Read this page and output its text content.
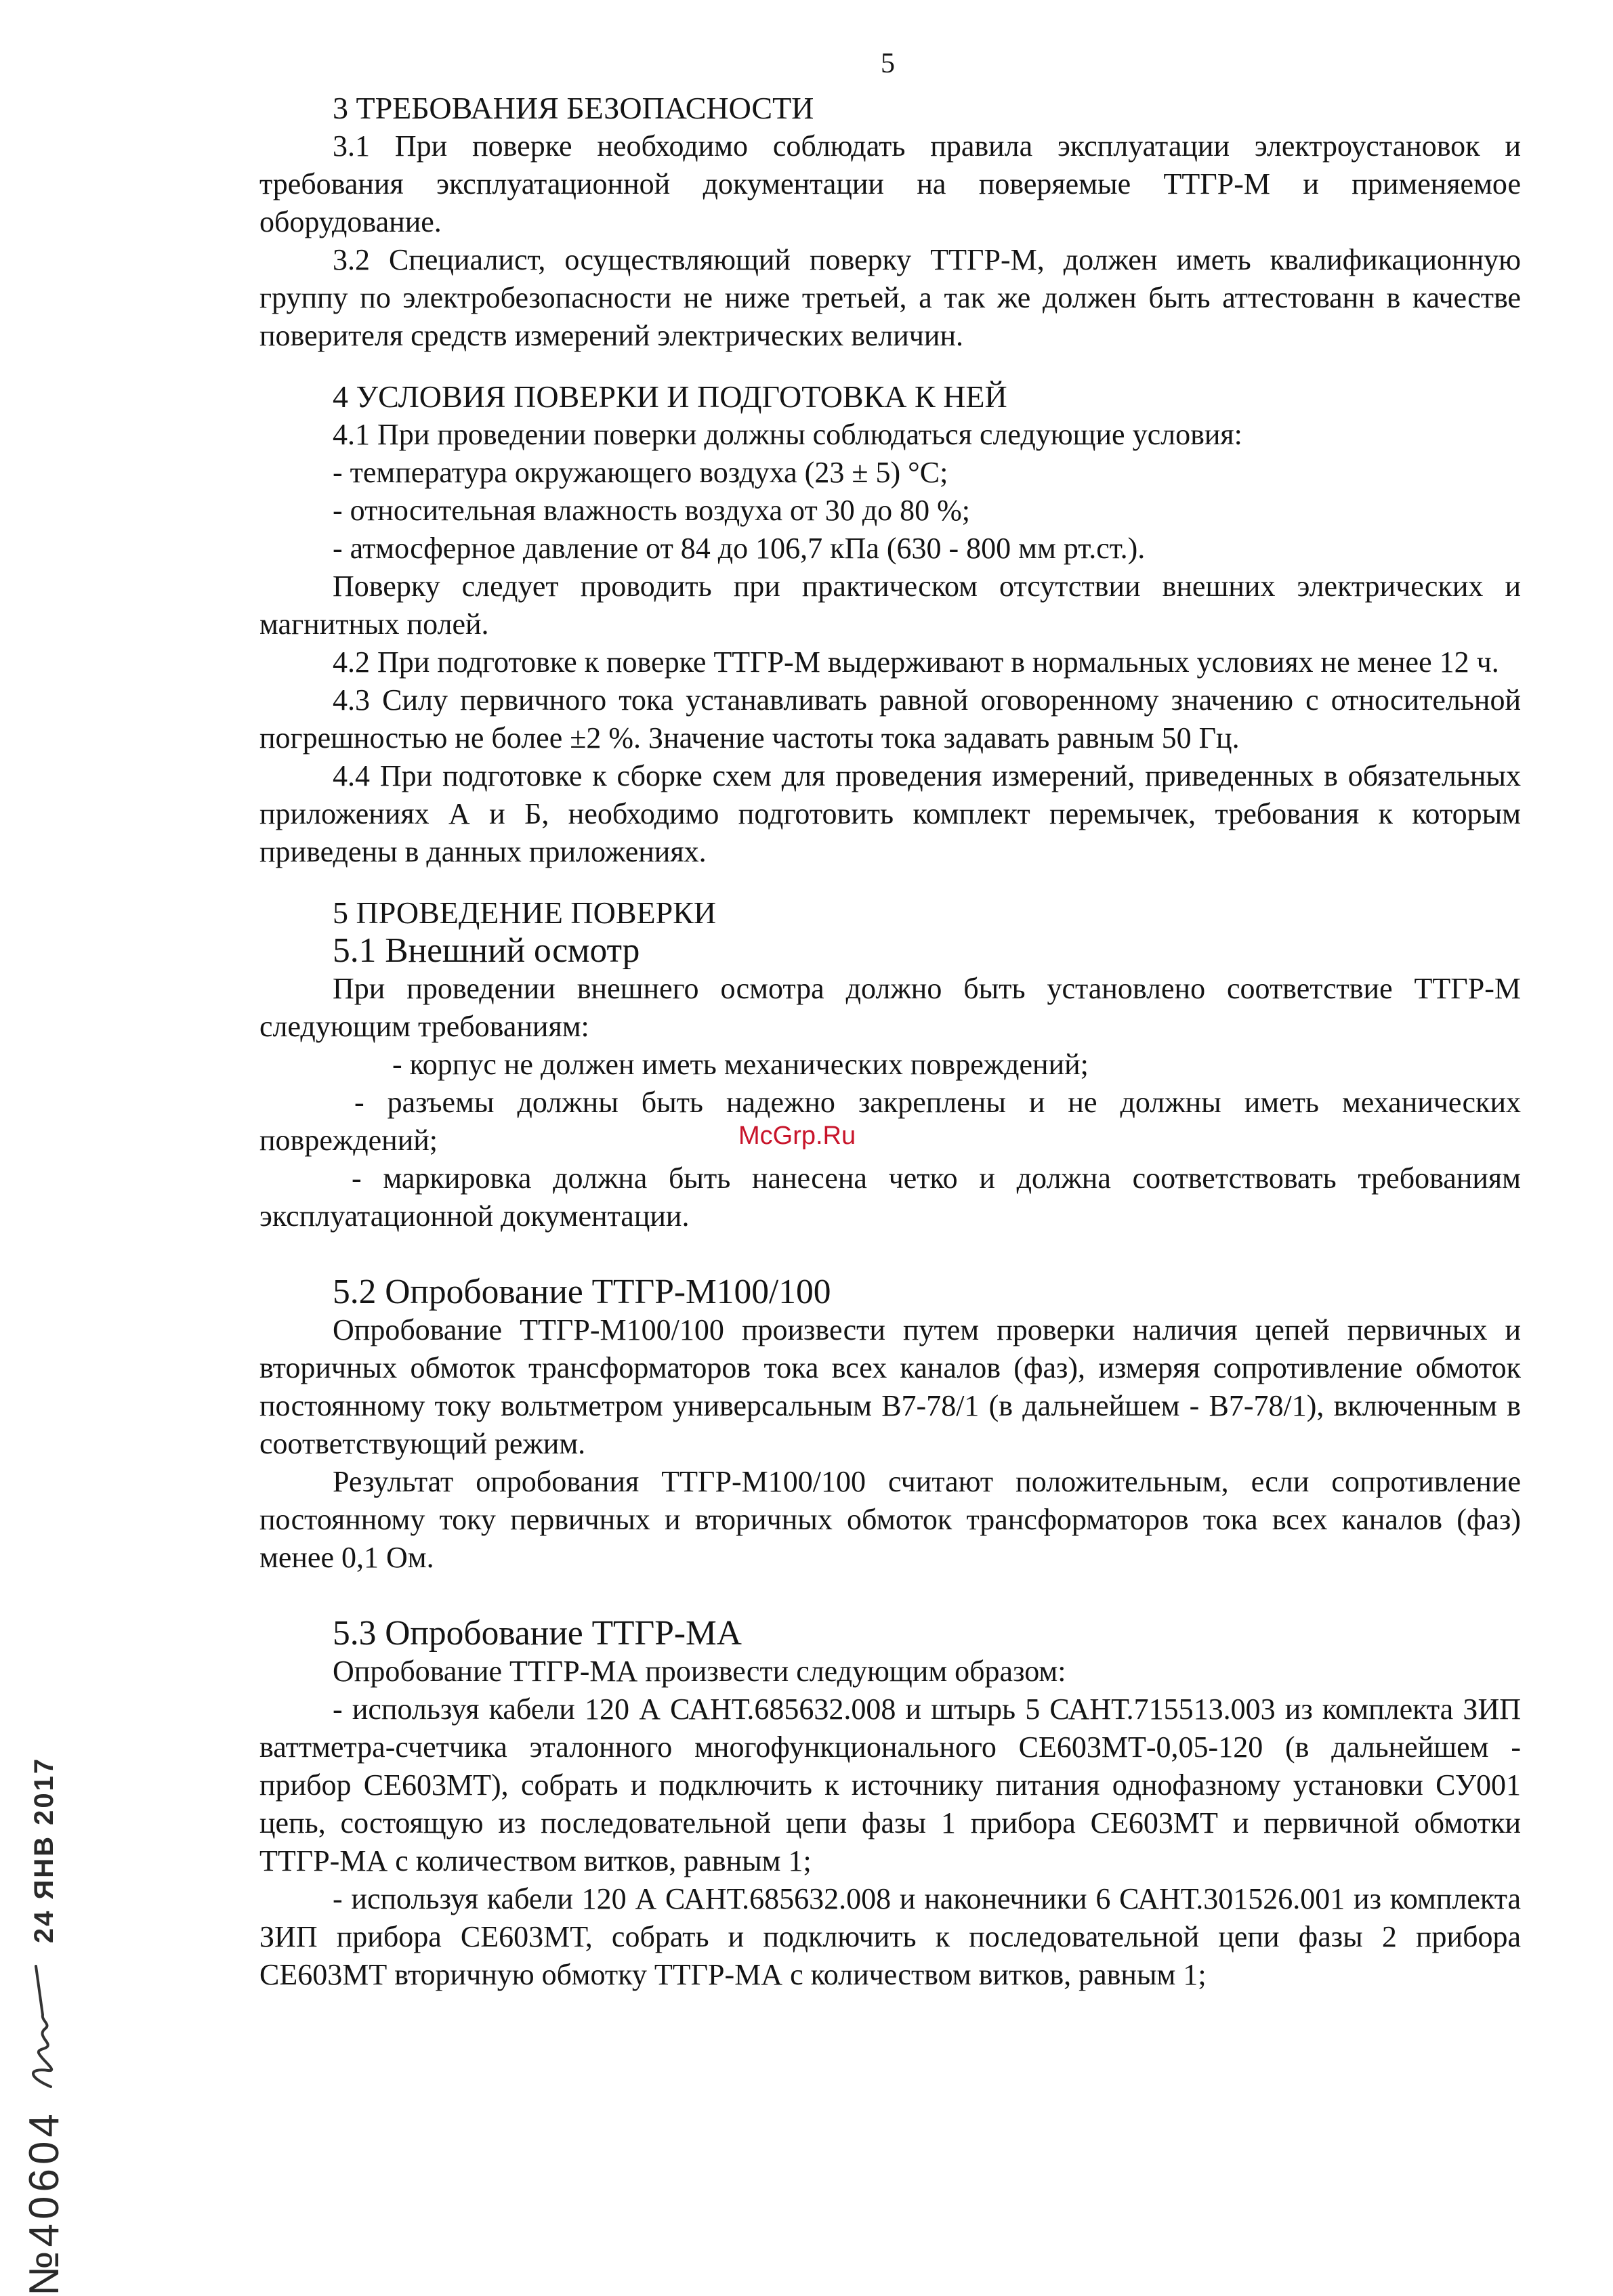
5
3 ТРЕБОВАНИЯ БЕЗОПАСНОСТИ

3.1 При поверке необходимо соблюдать правила эксплуатации электроустановок и требования эксплуатационной документации на поверяемые ТТГР-М и применяемое оборудование.

3.2 Специалист, осуществляющий поверку ТТГР-М, должен иметь квалификационную группу по электробезопасности не ниже третьей, а так же должен быть аттестованн в качестве поверителя средств измерений электрических величин.

4 УСЛОВИЯ ПОВЕРКИ И ПОДГОТОВКА К НЕЙ

4.1 При проведении поверки должны соблюдаться следующие условия:

- температура окружающего воздуха (23 ± 5) °С;

- относительная влажность воздуха от 30 до 80 %;

- атмосферное давление от 84 до 106,7 кПа (630 - 800 мм рт.ст.).

Поверку следует проводить при практическом отсутствии внешних электрических и магнитных полей.

4.2 При подготовке к поверке ТТГР-М выдерживают в нормальных условиях не менее 12 ч.

4.3 Силу первичного тока устанавливать равной оговоренному значению с относительной погрешностью не более ±2 %. Значение частоты тока задавать равным 50 Гц.

4.4 При подготовке к сборке схем для проведения измерений, приведенных в обязательных приложениях А и Б, необходимо подготовить комплект перемычек, требования к которым приведены в данных приложениях.

5 ПРОВЕДЕНИЕ ПОВЕРКИ
5.1 Внешний осмотр

При проведении внешнего осмотра должно быть установлено соответствие ТТГР-М следующим требованиям:

- корпус не должен иметь механических повреждений;

- разъемы должны быть надежно закреплены и не должны иметь механических повреждений;

- маркировка должна быть нанесена четко и должна соответствовать требованиям эксплуатационной документации.

5.2 Опробование ТТГР-М100/100

Опробование ТТГР-М100/100 произвести путем проверки наличия цепей первичных и вторичных обмоток трансформаторов тока всех каналов (фаз), измеряя сопротивление обмоток постоянному току вольтметром универсальным В7-78/1 (в дальнейшем - В7-78/1), включенным в соответствующий режим.

Результат опробования ТТГР-М100/100 считают положительным, если сопротивление постоянному току первичных и вторичных обмоток трансформаторов тока всех каналов (фаз) менее 0,1 Ом.

5.3 Опробование ТТГР-МА

Опробование ТТГР-МА произвести следующим образом:

- используя кабели 120 А САНТ.685632.008 и штырь 5 САНТ.715513.003 из комплекта ЗИП ваттметра-счетчика эталонного многофункционального СЕ603МТ-0,05-120 (в дальнейшем - прибор СЕ603МТ), собрать и подключить к источнику питания однофазному установки СУ001 цепь, состоящую из последовательной цепи фазы 1 прибора СЕ603МТ и первичной обмотки ТТГР-МА с количеством витков, равным 1;

- используя кабели 120 А САНТ.685632.008 и наконечники 6 САНТ.301526.001 из комплекта ЗИП прибора СЕ603МТ, собрать и подключить к последовательной цепи фазы 2 прибора СЕ603МТ вторичную обмотку ТТГР-МА с количеством витков, равным 1;

McGrp.Ru
№40604
24 ЯНВ 2017
